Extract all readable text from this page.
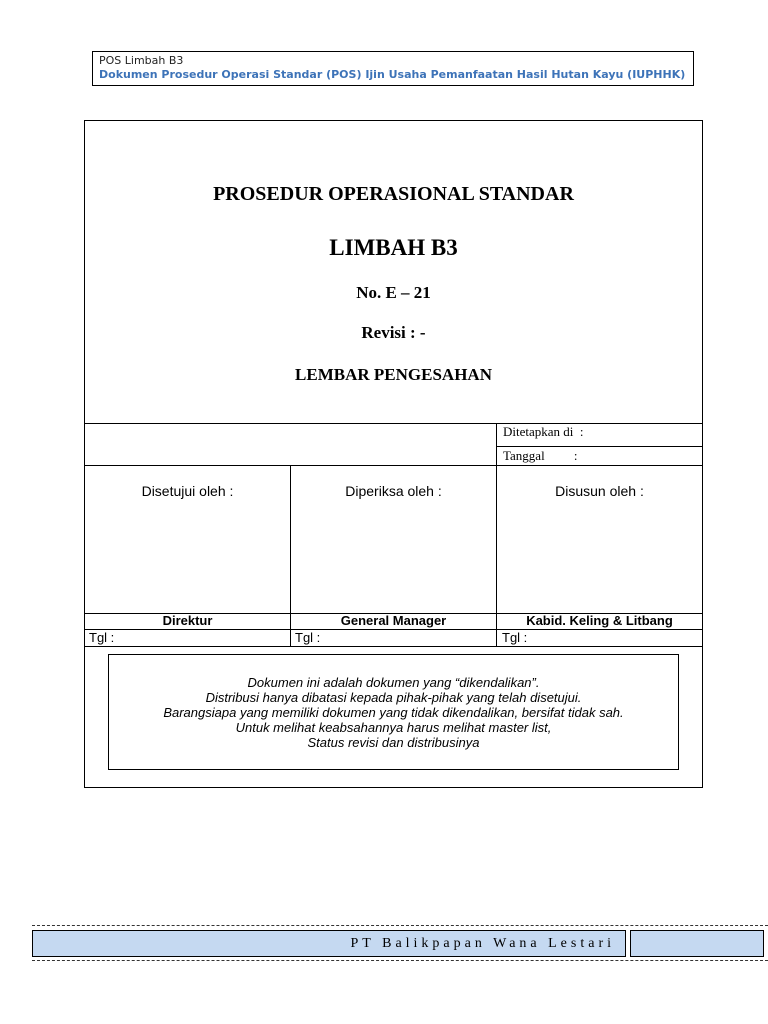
POS Limbah B3
Dokumen Prosedur Operasi Standar (POS) Ijin Usaha Pemanfaatan Hasil Hutan Kayu (IUPHHK)
PROSEDUR OPERASIONAL STANDAR
LIMBAH B3
No. E – 21
Revisi : -
LEMBAR PENGESAHAN
Ditetapkan di  :
Tanggal         :
Disetujui oleh :	Diperiksa oleh :	Disusun oleh :
Direktur	General Manager	Kabid. Keling & Litbang
Tgl :	Tgl :	Tgl :
Dokumen ini adalah dokumen yang “dikendalikan”.
Distribusi hanya dibatasi kepada pihak-pihak yang telah disetujui.
Barangsiapa yang memiliki dokumen yang tidak dikendalikan, bersifat tidak sah.
Untuk melihat keabsahannya harus melihat master list,
Status revisi dan distribusinya
PT Balikpapan Wana Lestari
